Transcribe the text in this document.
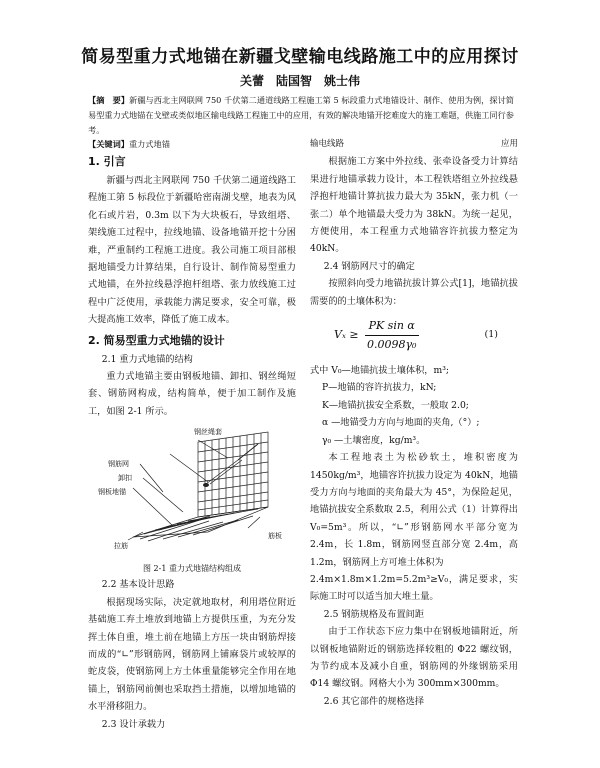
简易型重力式地锚在新疆戈壁输电线路施工中的应用探讨
关蕾　陆国智　姚士伟
【摘　要】新疆与西北主网联网 750 千伏第二通道线路工程施工第 5 标段重力式地锚设计、制作、使用为例，探讨简易型重力式地锚在戈壁或类似地区输电线路工程施工中的应用，有效的解决地锚开挖难度大的施工难题，供施工同行参考。
【关键词】重力式地锚
1. 引言

新疆与西北主网联网 750 千伏第二通道线路工程施工第 5 标段位于新疆哈密南湖戈壁，地表为风化石或片岩，0.3m 以下为大块板石，导致组塔、架线施工过程中，拉线地锚、设备地锚开挖十分困难，严重制约工程施工进度。我公司施工项目部根据地锚受力计算结果，自行设计、制作简易型重力式地锚，在外拉线悬浮抱杆组塔、张力放线施工过程中广泛使用，承载能力满足要求，安全可靠，极大提高施工效率，降低了施工成本。

2. 简易型重力式地锚的设计

2.1 重力式地锚的结构

重力式地锚主要由钢板地锚、卸扣、钢丝绳短套、钢筋网构成，结构简单，便于加工制作及施工，如图 2-1 所示。

钢丝绳套
钢筋网
卸扣
钢板地锚
筋板
拉筋

图 2-1 重力式地锚结构组成

2.2 基本设计思路

根据现场实际，决定就地取材，利用塔位附近基础施工弃土堆放到地锚上方提供压重，为充分发挥土体自重，堆土前在地锚上方压一块由钢筋焊接而成的“∟”形钢筋网，钢筋网上铺麻袋片或较厚的蛇皮袋，使钢筋网上方土体重量能够完全作用在地锚上，钢筋网前侧也采取挡土措施，以增加地锚的水平滑移阻力。

2.3 设计承载力

输电线路	应用

根据施工方案中外拉线、张牵设备受力计算结果进行地锚承载力设计，本工程铁塔组立外拉线悬浮抱杆地锚计算抗拔力最大为 35kN，张力机（一张二）单个地锚最大受力为 38kN。为统一起见，方便使用，本工程重力式地锚容许抗拔力整定为 40kN。

2.4 钢筋网尺寸的确定

按照斜向受力地锚抗拔计算公式[1]，地锚抗拔需要的的土壤体积为：

$V_x \ge \frac{\text{PK sin α}}{\text{0.0098γ₀}}$	(1)

式中 V₀—地锚抗拔土壤体积，m³;

P—地锚的容许抗拔力，kN;

K—地锚抗拔安全系数，一般取 2.0;

α —地锚受力方向与地面的夹角,（°）;

γ₀ —土壤密度，kg/m³。

本工程地表土为松砂软土，堆积密度为 1450kg/m³，地锚容许抗拔力设定为 40kN，地锚受力方向与地面的夹角最大为 45°，为保险起见，地锚抗拔安全系数取 2.5，利用公式（1）计算得出 V₀=5m³。所以，“∟”形钢筋网水平部分宽为 2.4m，长 1.8m，钢筋网竖直部分宽 2.4m，高 1.2m，钢筋网上方可堆土体积为

2.4m×1.8m×1.2m=5.2m³≥V₀，满足要求，实际施工时可以适当加大堆土量。

2.5 钢筋规格及布置间距

由于工作状态下应力集中在钢板地锚附近，所以钢板地锚附近的钢筋选择较粗的 Φ22 螺纹钢，为节约成本及减小自重，钢筋网的外缘钢筋采用 Φ14 螺纹钢。网格大小为 300mm×300mm。

2.6 其它部件的规格选择
